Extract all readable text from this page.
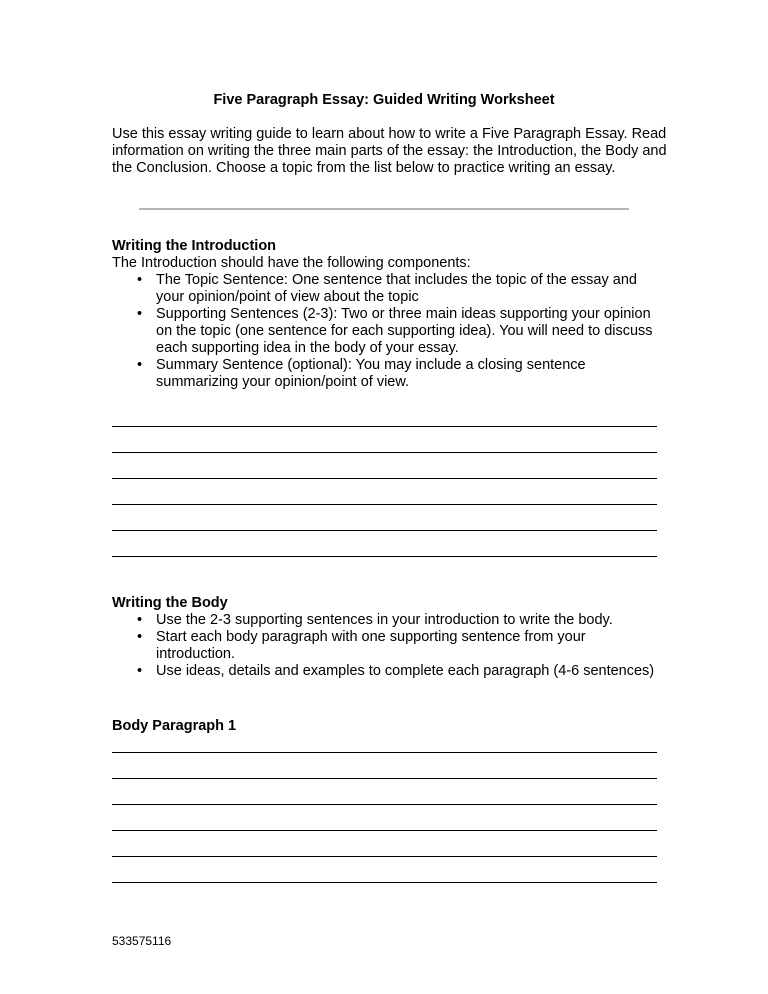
Five Paragraph Essay: Guided Writing Worksheet
Use this essay writing guide to learn about how to write a Five Paragraph Essay. Read information on writing the three main parts of the essay: the Introduction, the Body and the Conclusion. Choose a topic from the list below to practice writing an essay.
Writing the Introduction
The Introduction should have the following components:
• The Topic Sentence: One sentence that includes the topic of the essay and your opinion/point of view about the topic
• Supporting Sentences (2-3): Two or three main ideas supporting your opinion on the topic (one sentence for each supporting idea). You will need to discuss each supporting idea in the body of your essay.
• Summary Sentence (optional): You may include a closing sentence summarizing your opinion/point of view.
Writing the Body
• Use the 2-3 supporting sentences in your introduction to write the body.
• Start each body paragraph with one supporting sentence from your introduction.
• Use ideas, details and examples to complete each paragraph (4-6 sentences)
Body Paragraph 1
533575116
